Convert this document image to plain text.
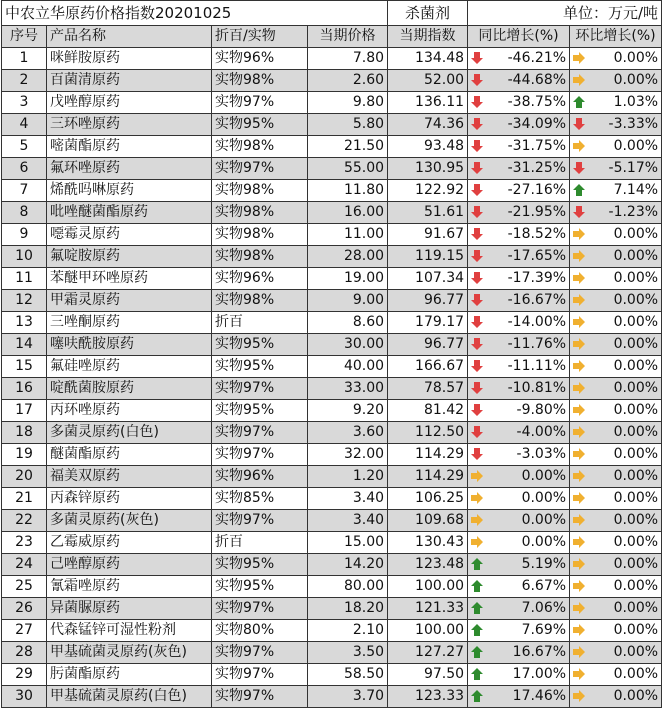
中农立华原药价格指数20201025				杀菌剂	单位：万元/吨	
序号	产品名称	折百/实物	当期价格	当期指数	同比增长(%)	环比增长(%)
1	咪鲜胺原药	实物96%	7.80	134.48	-46.21%	0.00%

2	百菌清原药	实物98%	2.60	52.00	-44.68%	0.00%

3	戊唑醇原药	实物97%	9.80	136.11	-38.75%	1.03%

4	三环唑原药	实物95%	5.80	74.36	-34.09%	-3.33%

5	嘧菌酯原药	实物98%	21.50	93.48	-31.75%	0.00%

6	氟环唑原药	实物97%	55.00	130.95	-31.25%	-5.17%

7	烯酰吗啉原药	实物98%	11.80	122.92	-27.16%	7.14%

8	吡唑醚菌酯原药	实物98%	16.00	51.61	-21.95%	-1.23%

9	噁霉灵原药	实物98%	11.00	91.67	-18.52%	0.00%

10	氟啶胺原药	实物98%	28.00	119.15	-17.65%	0.00%

11	苯醚甲环唑原药	实物96%	19.00	107.34	-17.39%	0.00%

12	甲霜灵原药	实物98%	9.00	96.77	-16.67%	0.00%

13	三唑酮原药	折百	8.60	179.17	-14.00%	0.00%

14	噻呋酰胺原药	实物95%	30.00	96.77	-11.76%	0.00%

15	氟硅唑原药	实物95%	40.00	166.67	-11.11%	0.00%

16	啶酰菌胺原药	实物97%	33.00	78.57	-10.81%	0.00%

17	丙环唑原药	实物95%	9.20	81.42	-9.80%	0.00%

18	多菌灵原药(白色)	实物97%	3.60	112.50	-4.00%	0.00%

19	醚菌酯原药	实物97%	32.00	114.29	-3.03%	0.00%

20	福美双原药	实物96%	1.20	114.29	0.00%	0.00%

21	丙森锌原药	实物85%	3.40	106.25	0.00%	0.00%

22	多菌灵原药(灰色)	实物97%	3.40	109.68	0.00%	0.00%

23	乙霉威原药	折百	15.00	130.43	0.00%	0.00%

24	己唑醇原药	实物95%	14.20	123.48	5.19%	0.00%

25	氰霜唑原药	实物95%	80.00	100.00	6.67%	0.00%

26	异菌脲原药	实物97%	18.20	121.33	7.06%	0.00%

27	代森锰锌可湿性粉剂	实物80%	2.10	100.00	7.69%	0.00%

28	甲基硫菌灵原药(灰色)	实物97%	3.50	127.27	16.67%	0.00%

29	肟菌酯原药	实物97%	58.50	97.50	17.00%	0.00%

30	甲基硫菌灵原药(白色)	实物97%	3.70	123.33	17.46%	0.00%
